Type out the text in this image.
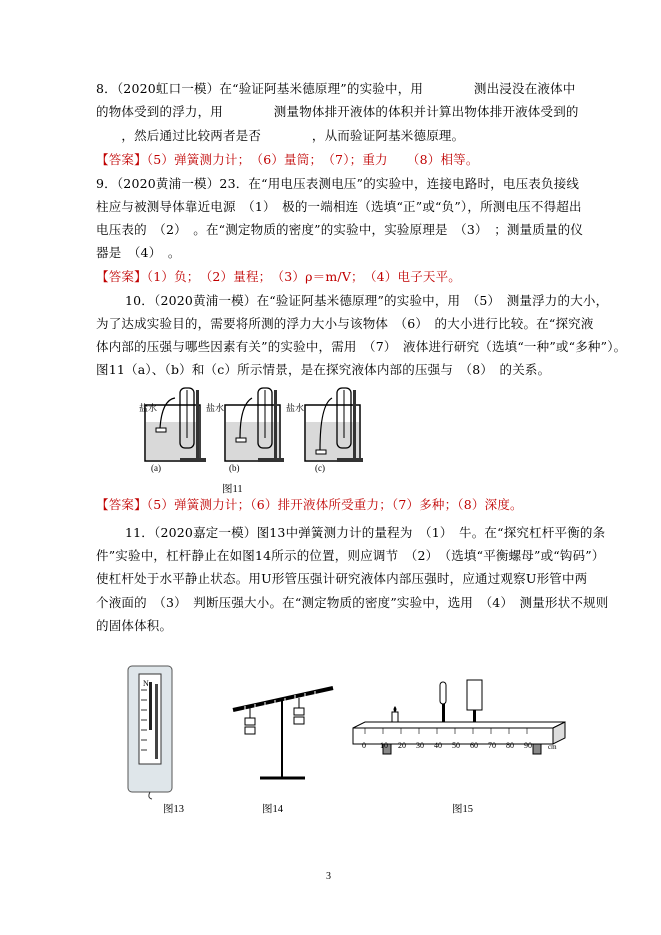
8．（2020虹口一模）在“验证阿基米德原理”的实验中，用　　　　测出浸没在液体中
的物体受到的浮力，用　　　　测量物体排开液体的体积并计算出物体排开液体受到的
　　，然后通过比较两者是否　　　　，从而验证阿基米德原理。
【答案】（5）弹簧测力计；　（6）量筒；　（7）；重力　　（8）相等。
9．（2020黄浦一模）23．在“用电压表测电压”的实验中，连接电路时，电压表负接线
柱应与被测导体靠近电源　（1）　极的一端相连（选填“正”或“负”），所测电压不得超出
电压表的　（2）　。在“测定物质的密度”的实验中，实验原理是　（3）　；测量质量的仪
器是　（4）　。
【答案】（1）负；　（2）量程；　（3）ρ＝m/V；　（4）电子天平。
10．（2020黄浦一模）在“验证阿基米德原理”的实验中，用　（5）　测量浮力的大小，
为了达成实验目的，需要将所测的浮力大小与该物体　（6）　的大小进行比较。在“探究液
体内部的压强与哪些因素有关”的实验中，需用　（7）　液体进行研究（选填“一种”或“多种”）。
图11（a）、（b）和（c）所示情景，是在探究液体内部的压强与　（8）　的关系。
盐水	盐水	盐水
(a)	(b)	(c)
图11
【答案】（5）弹簧测力计；（6）排开液体所受重力；（7）多种；（8）深度。
11．（2020嘉定一模）图13中弹簧测力计的量程为　（1）　牛。在“探究杠杆平衡的条
件”实验中，杠杆静止在如图14所示的位置，则应调节　（2）　（选填“平衡螺母”或“钩码”）
使杠杆处于水平静止状态。用U形管压强计研究液体内部压强时，应通过观察U形管中两
个液面的　（3）　判断压强大小。在“测定物质的密度”实验中，选用　（4）　测量形状不规则
的固体体积。
N
图13	图14
0 10 20 30 40 50 60 70 80 90 cm
图15
3
